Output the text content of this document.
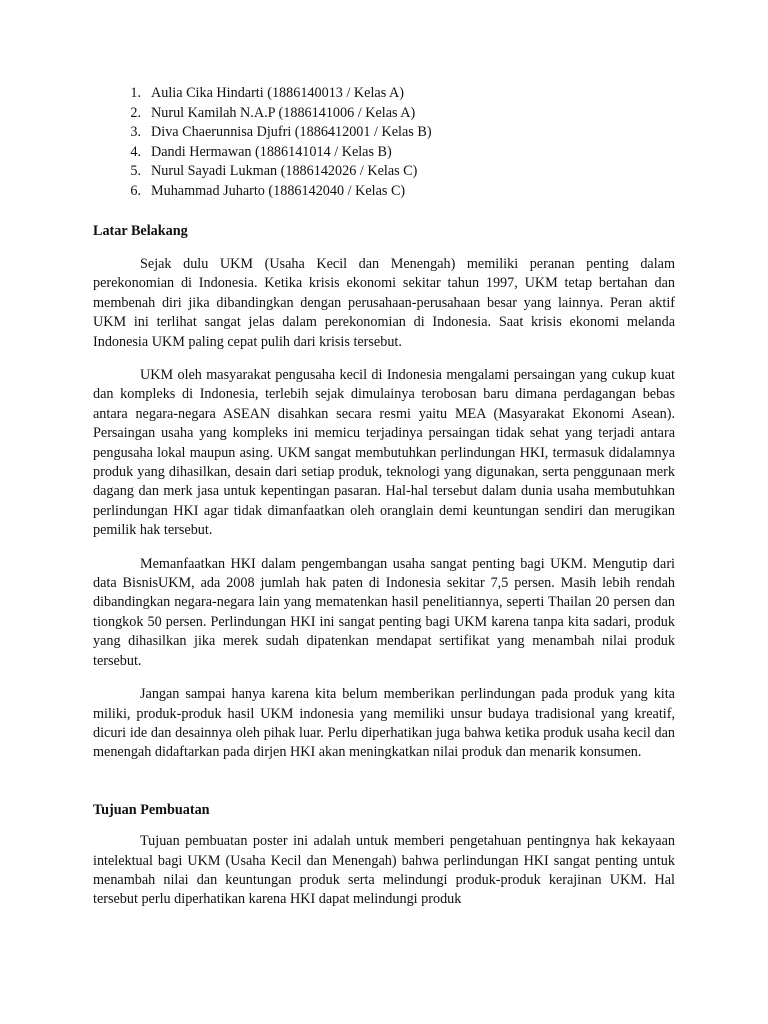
1. Aulia Cika Hindarti (1886140013 / Kelas A)
2. Nurul Kamilah N.A.P (1886141006 / Kelas A)
3. Diva Chaerunnisa Djufri (1886412001 / Kelas B)
4. Dandi Hermawan (1886141014 / Kelas B)
5. Nurul Sayadi Lukman (1886142026 / Kelas C)
6. Muhammad Juharto (1886142040 / Kelas C)
Latar Belakang

Sejak dulu UKM (Usaha Kecil dan Menengah) memiliki peranan penting dalam perekonomian di Indonesia. Ketika krisis ekonomi sekitar tahun 1997, UKM tetap bertahan dan membenah diri jika dibandingkan dengan perusahaan-perusahaan besar yang lainnya. Peran aktif UKM ini terlihat sangat jelas dalam perekonomian di Indonesia. Saat krisis ekonomi melanda Indonesia UKM paling cepat pulih dari krisis tersebut.

UKM oleh masyarakat pengusaha kecil di Indonesia mengalami persaingan yang cukup kuat dan kompleks di Indonesia, terlebih sejak dimulainya terobosan baru dimana perdagangan bebas antara negara-negara ASEAN disahkan secara resmi yaitu MEA (Masyarakat Ekonomi Asean). Persaingan usaha yang kompleks ini memicu terjadinya persaingan tidak sehat yang terjadi antara pengusaha lokal maupun asing. UKM sangat membutuhkan perlindungan HKI, termasuk didalamnya produk yang dihasilkan, desain dari setiap produk, teknologi yang digunakan, serta penggunaan merk dagang dan merk jasa untuk kepentingan pasaran. Hal-hal tersebut dalam dunia usaha membutuhkan perlindungan HKI agar tidak dimanfaatkan oleh oranglain demi keuntungan sendiri dan merugikan pemilik hak tersebut.

Memanfaatkan HKI dalam pengembangan usaha sangat penting bagi UKM. Mengutip dari data BisnisUKM, ada 2008 jumlah hak paten di Indonesia sekitar 7,5 persen. Masih lebih rendah dibandingkan negara-negara lain yang mematenkan hasil penelitiannya, seperti Thailan 20 persen dan tiongkok 50 persen. Perlindungan HKI ini sangat penting bagi UKM karena tanpa kita sadari, produk yang dihasilkan jika merek sudah dipatenkan mendapat sertifikat yang menambah nilai produk tersebut.

Jangan sampai hanya karena kita belum memberikan perlindungan pada produk yang kita miliki, produk-produk hasil UKM indonesia yang memiliki unsur budaya tradisional yang kreatif, dicuri ide dan desainnya oleh pihak luar. Perlu diperhatikan juga bahwa ketika produk usaha kecil dan menengah didaftarkan pada dirjen HKI akan meningkatkan nilai produk dan menarik konsumen.

Tujuan Pembuatan

Tujuan pembuatan poster ini adalah untuk memberi pengetahuan pentingnya hak kekayaan intelektual bagi UKM (Usaha Kecil dan Menengah) bahwa perlindungan HKI sangat penting untuk menambah nilai dan keuntungan produk serta melindungi produk-produk kerajinan UKM. Hal tersebut perlu diperhatikan karena HKI dapat melindungi produk
